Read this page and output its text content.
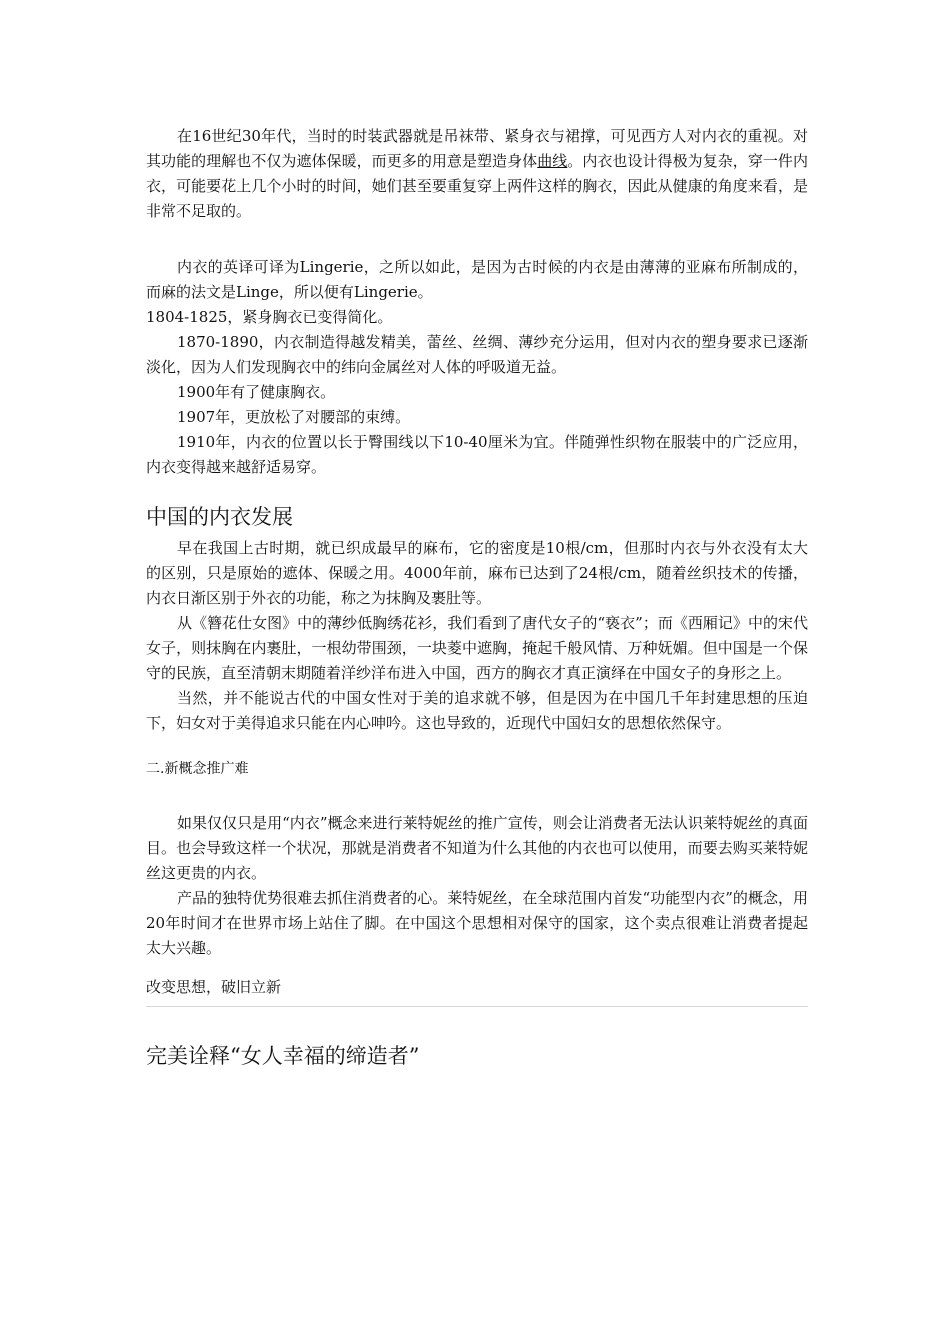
在16世纪30年代，当时的时装武器就是吊袜带、紧身衣与裙撑，可见西方人对内衣的重视。对其功能的理解也不仅为遮体保暖，而更多的用意是塑造身体曲线。内衣也设计得极为复杂，穿一件内衣，可能要花上几个小时的时间，她们甚至要重复穿上两件这样的胸衣，因此从健康的角度来看，是非常不足取的。

内衣的英译可译为Lingerie，之所以如此，是因为古时候的内衣是由薄薄的亚麻布所制成的，而麻的法文是Linge，所以便有Lingerie。

1804-1825，紧身胸衣已变得简化。

1870-1890，内衣制造得越发精美，蕾丝、丝绸、薄纱充分运用，但对内衣的塑身要求已逐渐淡化，因为人们发现胸衣中的纬向金属丝对人体的呼吸道无益。

1900年有了健康胸衣。

1907年，更放松了对腰部的束缚。

1910年，内衣的位置以长于臀围线以下10-40厘米为宜。伴随弹性织物在服装中的广泛应用，内衣变得越来越舒适易穿。

中国的内衣发展

早在我国上古时期，就已织成最早的麻布，它的密度是10根/cm，但那时内衣与外衣没有太大的区别，只是原始的遮体、保暖之用。4000年前，麻布已达到了24根/cm，随着丝织技术的传播，内衣日渐区别于外衣的功能，称之为抹胸及裹肚等。

从《簪花仕女图》中的薄纱低胸绣花衫，我们看到了唐代女子的“亵衣”；而《西厢记》中的宋代女子，则抹胸在内裹肚，一根幼带围颈，一块菱中遮胸，掩起千般风情、万种妩媚。但中国是一个保守的民族，直至清朝末期随着洋纱洋布进入中国，西方的胸衣才真正演绎在中国女子的身形之上。

当然，并不能说古代的中国女性对于美的追求就不够，但是因为在中国几千年封建思想的压迫下，妇女对于美得追求只能在内心呻吟。这也导致的，近现代中国妇女的思想依然保守。

二.新概念推广难

如果仅仅只是用“内衣”概念来进行莱特妮丝的推广宣传，则会让消费者无法认识莱特妮丝的真面目。也会导致这样一个状况，那就是消费者不知道为什么其他的内衣也可以使用，而要去购买莱特妮丝这更贵的内衣。

产品的独特优势很难去抓住消费者的心。莱特妮丝，在全球范围内首发“功能型内衣”的概念，用20年时间才在世界市场上站住了脚。在中国这个思想相对保守的国家，这个卖点很难让消费者提起太大兴趣。

改变思想，破旧立新

完美诠释“女人幸福的缔造者”
